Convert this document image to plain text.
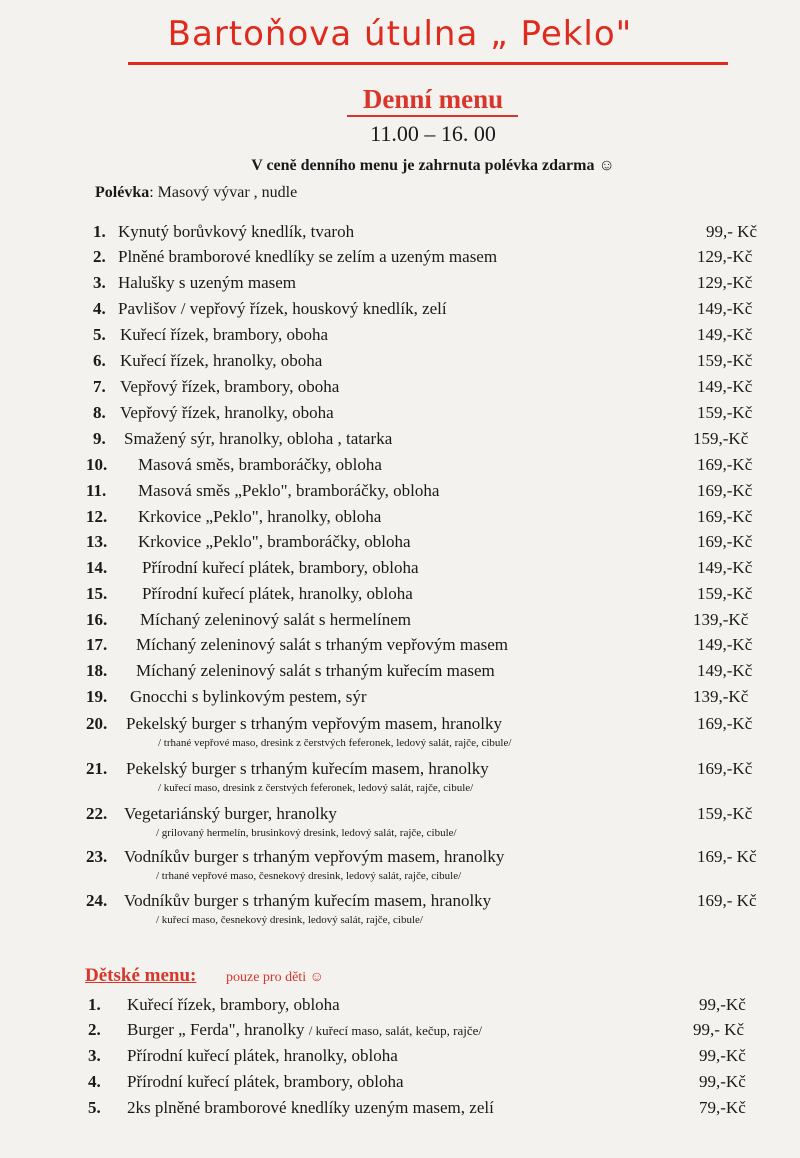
Bartoňova útulna „ Peklo"
Denní menu
11.00 – 16. 00
V ceně denního menu je zahrnuta polévka zdarma ☺
Polévka: Masový vývar , nudle
1. Kynutý borůvkový knedlík, tvaroh	99,- Kč
2. Plněné bramborové knedlíky se zelím a uzeným masem	129,-Kč
3. Halušky s uzeným masem	129,-Kč
4. Pavlišov / vepřový řízek, houskový knedlík, zelí	149,-Kč
5. Kuřecí řízek, brambory, oboha	149,-Kč
6. Kuřecí řízek, hranolky, oboha	159,-Kč
7. Vepřový řízek, brambory, oboha	149,-Kč
8. Vepřový řízek, hranolky, oboha	159,-Kč
9. Smažený sýr, hranolky, obloha , tatarka	159,-Kč
10. Masová směs, bramboráčky, obloha	169,-Kč
11. Masová směs „Peklo", bramboráčky, obloha	169,-Kč
12. Krkovice „Peklo", hranolky, obloha	169,-Kč
13. Krkovice „Peklo", bramboráčky, obloha	169,-Kč
14. Přírodní kuřecí plátek, brambory, obloha	149,-Kč
15. Přírodní kuřecí plátek, hranolky, obloha	159,-Kč
16. Míchaný zeleninový salát s hermelínem	139,-Kč
17. Míchaný zeleninový salát s trhaným vepřovým masem	149,-Kč
18. Míchaný zeleninový salát s trhaným kuřecím masem	149,-Kč
19. Gnocchi s bylinkovým pestem, sýr	139,-Kč
20. Pekelský burger s trhaným vepřovým masem, hranolky	169,-Kč
/ trhané vepřové maso, dresink z čerstvých feferonek, ledový salát, rajče, cibule/
21. Pekelský burger s trhaným kuřecím masem, hranolky	169,-Kč
/ kuřecí maso, dresink z čerstvých feferonek, ledový salát, rajče, cibule/
22. Vegetariánský burger, hranolky	159,-Kč
/ grilovaný hermelín, brusinkový dresink, ledový salát, rajče, cibule/
23. Vodníkův burger s trhaným vepřovým masem, hranolky	169,- Kč
/ trhané vepřové maso, česnekový dresink, ledový salát, rajče, cibule/
24. Vodníkův burger s trhaným kuřecím masem, hranolky	169,- Kč
/ kuřecí maso, česnekový dresink, ledový salát, rajče, cibule/
Dětské menu: pouze pro děti ☺
1. Kuřecí řízek, brambory, obloha	99,-Kč
2. Burger „ Ferda", hranolky / kuřecí maso, salát, kečup, rajče/	99,- Kč
3. Přírodní kuřecí plátek, hranolky, obloha	99,-Kč
4. Přírodní kuřecí plátek, brambory, obloha	99,-Kč
5. 2ks plněné bramborové knedlíky uzeným masem, zelí	79,-Kč
